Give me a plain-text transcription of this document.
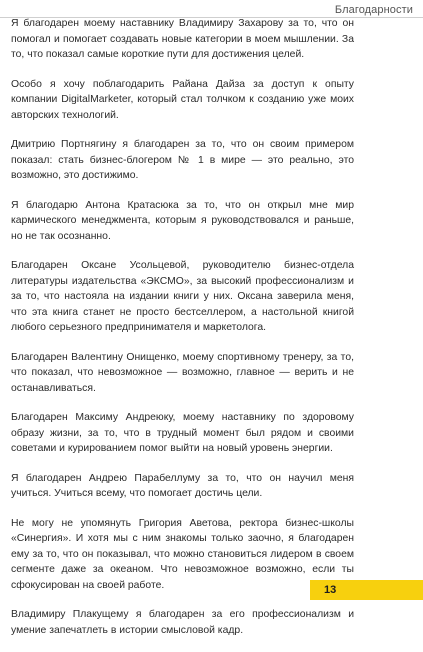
Благодарности

Я благодарен моему наставнику Владимиру Захарову за то, что он помогал и помогает создавать новые категории в моем мышлении. За то, что показал самые короткие пути для достижения целей.

Особо я хочу поблагодарить Райана Дайза за доступ к опыту компании DigitalMarketer, который стал толчком к созданию уже моих авторских технологий.

Дмитрию Портнягину я благодарен за то, что он своим примером показал: стать бизнес-блогером № 1 в мире — это реально, это возможно, это достижимо.

Я благодарю Антона Кратасюка за то, что он открыл мне мир кармического менеджмента, которым я руководствовался и раньше, но не так осознанно.

Благодарен Оксане Усольцевой, руководителю бизнес-отдела литературы издательства «ЭКСМО», за высокий профессионализм и за то, что настояла на издании книги у них. Оксана заверила меня, что эта книга станет не просто бестселлером, а настольной книгой любого серьезного предпринимателя и маркетолога.

Благодарен Валентину Онищенко, моему спортивному тренеру, за то, что показал, что невозможное — возможно, главное — верить и не останавливаться.

Благодарен Максиму Андреюку, моему наставнику по здоровому образу жизни, за то, что в трудный момент был рядом и своими советами и курированием помог выйти на новый уровень энергии.

Я благодарен Андрею Парабеллуму за то, что он научил меня учиться. Учиться всему, что помогает достичь цели.

Не могу не упомянуть Григория Аветова, ректора бизнес-школы «Синергия». И хотя мы с ним знакомы только заочно, я благодарен ему за то, что он показывал, что можно становиться лидером в своем сегменте даже за океаном. Что невозможное возможно, если ты сфокусирован на своей работе.

Владимиру Плакущему я благодарен за его профессионализм и умение запечатлеть в истории смысловой кадр.

13
